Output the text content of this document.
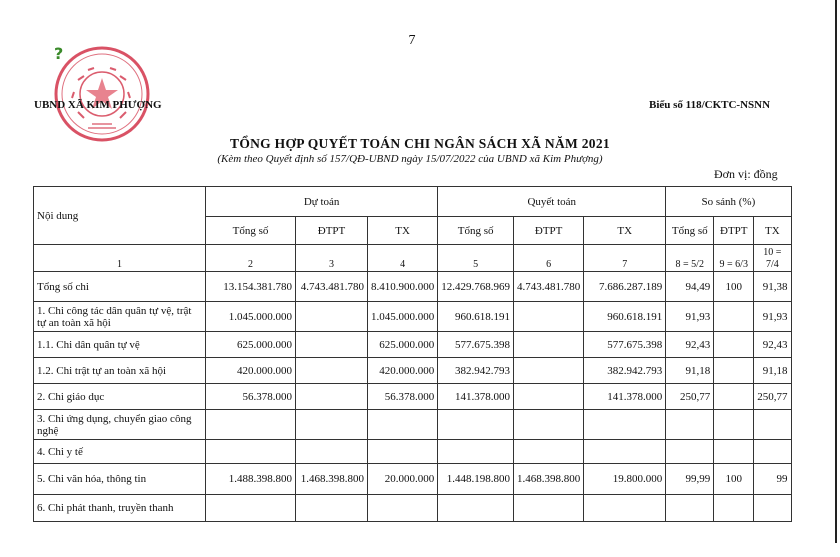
7
?
UBND XÃ KIM PHƯỢNG	Biểu số 118/CKTC-NSNN
TỔNG HỢP QUYẾT TOÁN CHI NGÂN SÁCH XÃ NĂM 2021
(Kèm theo Quyết định số 157/QĐ-UBND ngày 15/07/2022 của UBND xã Kim Phượng)
Đơn vị: đồng
Nội dung	Dự toán			Quyết toán			So sánh (%)		
	Tổng số	ĐTPT	TX	Tổng số	ĐTPT	TX	Tổng số	ĐTPT	TX
1	2	3	4	5	6	7	8 = 5/2	9 = 6/3	10 = 7/4
Tổng số chi	13.154.381.780	4.743.481.780	8.410.900.000	12.429.768.969	4.743.481.780	7.686.287.189	94,49	100	91,38
1. Chi công tác dân quân tự vệ, trật tự an toàn xã hội	1.045.000.000		1.045.000.000	960.618.191		960.618.191	91,93		91,93
1.1. Chi dân quân tự vệ	625.000.000		625.000.000	577.675.398		577.675.398	92,43		92,43
1.2. Chi trật tự an toàn xã hội	420.000.000		420.000.000	382.942.793		382.942.793	91,18		91,18
2. Chi giáo dục	56.378.000		56.378.000	141.378.000		141.378.000	250,77		250,77
3. Chi ứng dụng, chuyển giao công nghệ									
4. Chi y tế									
5. Chi văn hóa, thông tin	1.488.398.800	1.468.398.800	20.000.000	1.448.198.800	1.468.398.800	19.800.000	99,99	100	99
6. Chi phát thanh, truyền thanh									
